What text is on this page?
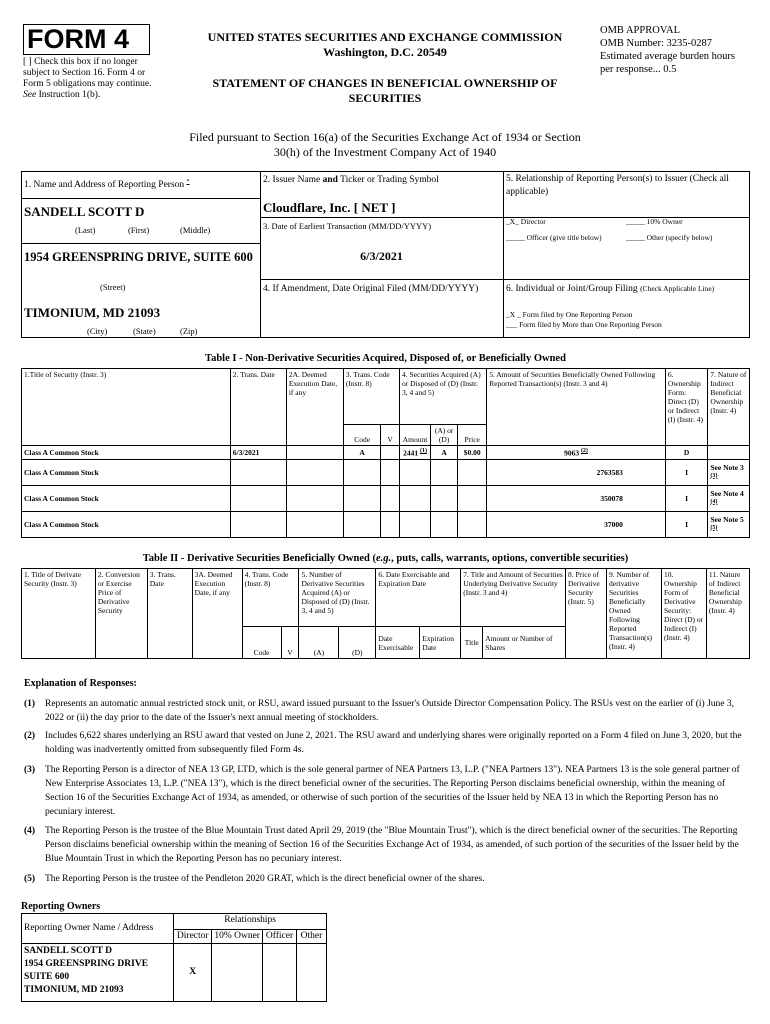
FORM 4
[ ] Check this box if no longer subject to Section 16. Form 4 or Form 5 obligations may continue. See Instruction 1(b).
UNITED STATES SECURITIES AND EXCHANGE COMMISSION
Washington, D.C. 20549
STATEMENT OF CHANGES IN BENEFICIAL OWNERSHIP OF SECURITIES
OMB APPROVAL
OMB Number: 3235-0287
Estimated average burden hours per response... 0.5
Filed pursuant to Section 16(a) of the Securities Exchange Act of 1934 or Section 30(h) of the Investment Company Act of 1940
1. Name and Address of Reporting Person *
SANDELL SCOTT D
(Last)	(First)	(Middle)
1954 GREENSPRING DRIVE, SUITE 600
(Street)
TIMONIUM, MD 21093
(City)	(State)	(Zip)
2. Issuer Name and Ticker or Trading Symbol
Cloudflare, Inc. [ NET ]
3. Date of Earliest Transaction (MM/DD/YYYY)
6/3/2021
4. If Amendment, Date Original Filed (MM/DD/YYYY)
5. Relationship of Reporting Person(s) to Issuer (Check all applicable)
_X_ Director	_____ 10% Owner
_____ Officer (give title below)	_____ Other (specify below)
6. Individual or Joint/Group Filing (Check Applicable Line)
_X _ Form filed by One Reporting Person
___ Form filed by More than One Reporting Person
Table I - Non-Derivative Securities Acquired, Disposed of, or Beneficially Owned
1.Title of Security (Instr. 3)	2. Trans. Date	2A. Deemed Execution Date, if any	3. Trans. Code (Instr. 8)		4. Securities Acquired (A) or Disposed of (D) (Instr. 3, 4 and 5)			5. Amount of Securities Beneficially Owned Following Reported Transaction(s) (Instr. 3 and 4)	6. Ownership Form: Direct (D) or Indirect (I) (Instr. 4)	7. Nature of Indirect Beneficial Ownership (Instr. 4)
			Code	V	Amount	(A) or (D)	Price			
Class A Common Stock	6/3/2021		A		2441 $^{(1)}$	A	$0.00	9063 $^{(2)}$	D	
Class A Common Stock								2763583	I	See Note 3 $^{(3)}$
Class A Common Stock								350078	I	See Note 4 $^{(4)}$
Class A Common Stock								37000	I	See Note 5 $^{(5)}$
Table II - Derivative Securities Beneficially Owned (e.g., puts, calls, warrants, options, convertible securities)
1. Title of Derivate Security (Instr. 3)	2. Conversion or Exercise Price of Derivative Security	3. Trans. Date	3A. Deemed Execution Date, if any	4. Trans. Code (Instr. 8)		5. Number of Derivative Securities Acquired (A) or Disposed of (D) (Instr. 3, 4 and 5)		6. Date Exercisable and Expiration Date		7. Title and Amount of Securities Underlying Derivative Security (Instr. 3 and 4)		8. Price of Derivative Security (Instr. 5)	9. Number of derivative Securities Beneficially Owned Following Reported Transaction(s) (Instr. 4)	10. Ownership Form of Derivative Security: Direct (D) or Indirect (I) (Instr. 4)	11. Nature of Indirect Beneficial Ownership (Instr. 4)
				Code	V	(A)	(D)	Date Exercisable	Expiration Date	Title	Amount or Number of Shares				
Explanation of Responses:
(1) Represents an automatic annual restricted stock unit, or RSU, award issued pursuant to the Issuer's Outside Director Compensation Policy. The RSUs vest on the earlier of (i) June 3, 2022 or (ii) the day prior to the date of the Issuer's next annual meeting of stockholders.
(2) Includes 6,622 shares underlying an RSU award that vested on June 2, 2021. The RSU award and underlying shares were originally reported on a Form 4 filed on June 3, 2020, but the holding was inadvertently omitted from subsequently filed Form 4s.
(3) The Reporting Person is a director of NEA 13 GP, LTD, which is the sole general partner of NEA Partners 13, L.P. ("NEA Partners 13"). NEA Partners 13 is the sole general partner of New Enterprise Associates 13, L.P. ("NEA 13"), which is the direct beneficial owner of the securities. The Reporting Person disclaims beneficial ownership, within the meaning of Section 16 of the Securities Exchange Act of 1934, as amended, or otherwise of such portion of the securities of the Issuer held by NEA 13 in which the Reporting Person has no pecuniary interest.
(4) The Reporting Person is the trustee of the Blue Mountain Trust dated April 29, 2019 (the "Blue Mountain Trust"), which is the direct beneficial owner of the securities. The Reporting Person disclaims beneficial ownership within the meaning of Section 16 of the Securities Exchange Act of 1934, as amended, of such portion of the securities of the Issuer held by the Blue Mountain Trust in which the Reporting Person has no pecuniary interest.
(5) The Reporting Person is the trustee of the Pendleton 2020 GRAT, which is the direct beneficial owner of the shares.
Reporting Owners
Reporting Owner Name / Address	Relationships			
	Director	10% Owner	Officer	Other

SANDELL SCOTT D
1954 GREENSPRING DRIVE
SUITE 600
TIMONIUM, MD 21093	X			
